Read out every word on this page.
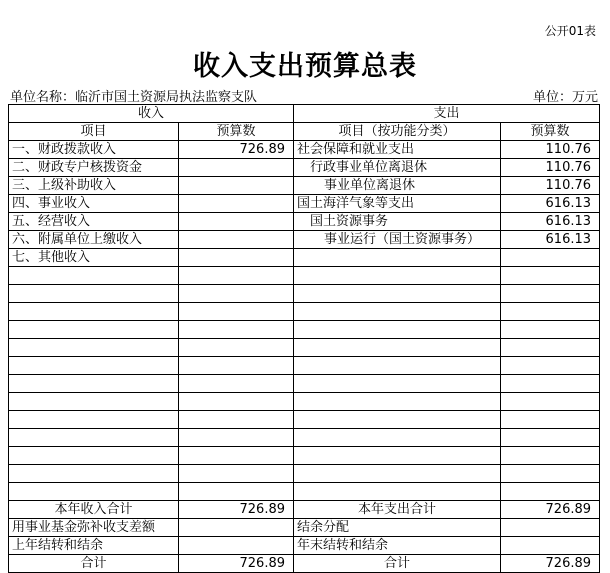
公开01表
收入支出预算总表
单位名称：临沂市国土资源局执法监察支队	单位：万元
收入		支出	
项目	预算数	项目（按功能分类）	预算数
一、财政拨款收入	726.89	社会保障和就业支出	110.76
二、财政专户核拨资金		行政事业单位离退休	110.76
三、上级补助收入		事业单位离退休	110.76
四、事业收入		国土海洋气象等支出	616.13
五、经营收入		国土资源事务	616.13
六、附属单位上缴收入		事业运行（国土资源事务）	616.13
七、其他收入			

本年收入合计	726.89	本年支出合计	726.89
用事业基金弥补收支差额		结余分配	
上年结转和结余		年末结转和结余	
合计	726.89	合计	726.89
